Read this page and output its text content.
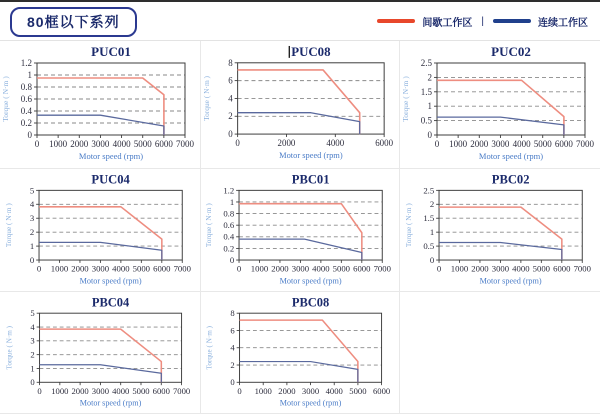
80框以下系列	间歇工作区 |	连续工作区
PUC01
0 1000 2000 3000 4000 5000 6000 7000
0
0.2
0.4
0.6
0.8
1
1.2
Motor speed (rpm)
Torque ( N·m )
PUC08
0	2000	4000	6000
0
2
4
6
8
Motor speed (rpm)
Torque ( N·m )
PUC02
0 1000 2000 3000 4000 5000 6000 7000
0
0.5
1
1.5
2
2.5
Motor speed (rpm)
Torque ( N·m )
PUC04
0 1000 2000 3000 4000 5000 6000 7000
0
1
2
3
4
5
Motor speed (rpm)
Torque ( N·m )
PBC01
0 1000 2000 3000 4000 5000 6000 7000
0
0.2
0.4
0.6
0.8
1
1.2
Motor speed (rpm)
Torque ( N·m )
PBC02
0 1000 2000 3000 4000 5000 6000 7000
0
0.5
1
1.5
2
2.5
Motor speed (rpm)
Torque ( N·m )
PBC04
0 1000 2000 3000 4000 5000 6000 7000
0
1
2
3
4
5
Motor speed (rpm)
Torque ( N·m )
PBC08
0 1000 2000 3000 4000 5000 6000
0
2
4
6
8
Motor speed (rpm)
Torque ( N·m )
